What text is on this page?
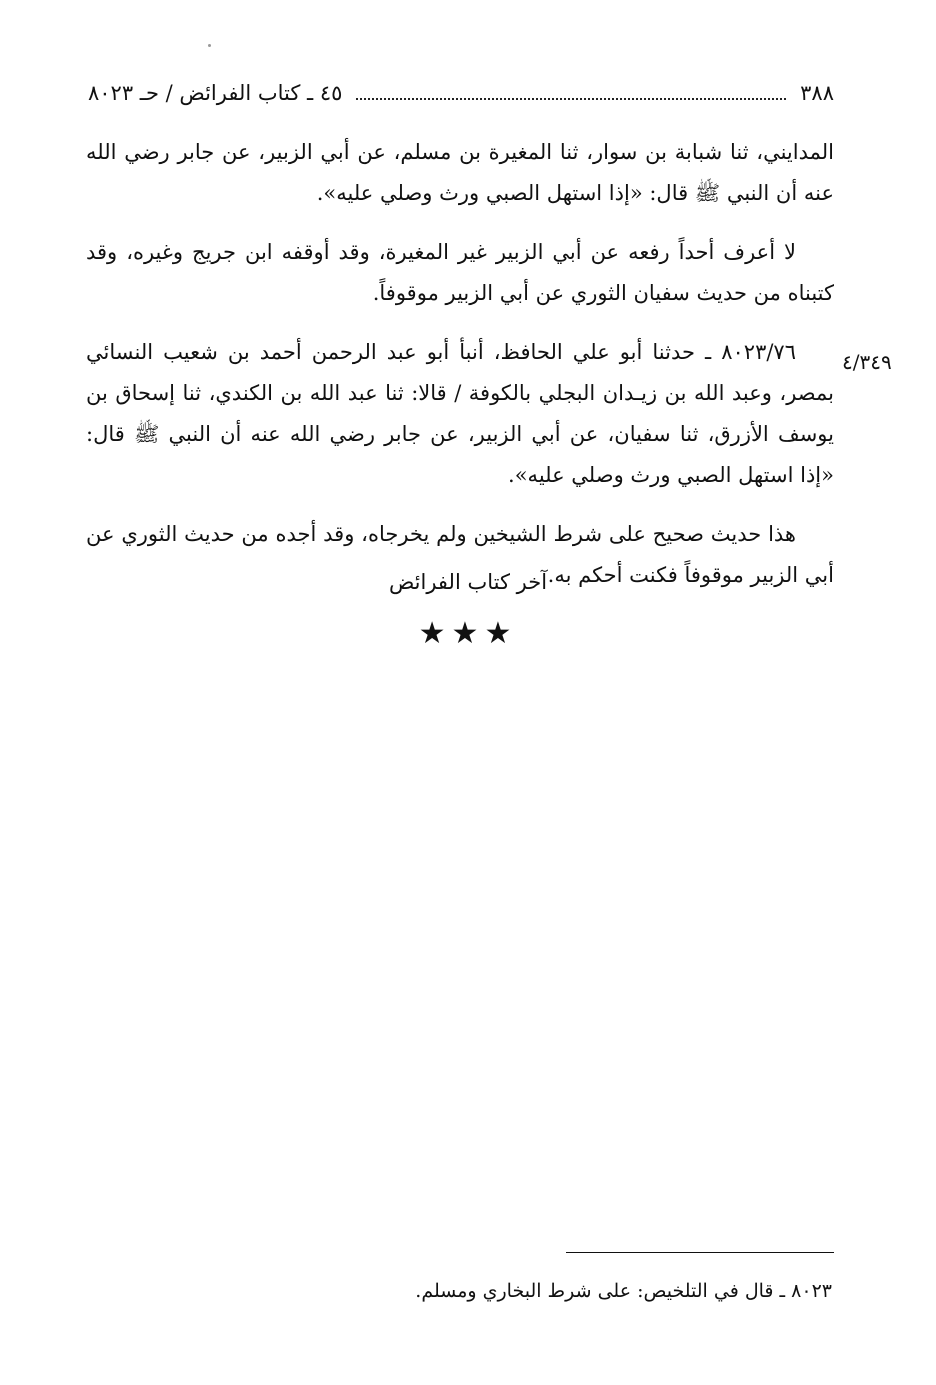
٣٨٨
٤٥ ـ كتاب الفرائض / حـ ٨٠٢٣

المدايني، ثنا شبابة بن سوار، ثنا المغيرة بن مسلم، عن أبي الزبير، عن جابر رضي الله عنه أن النبي ﷺ قال: «إذا استهل الصبي ورث وصلي عليه».

لا أعرف أحداً رفعه عن أبي الزبير غير المغيرة، وقد أوقفه ابن جريج وغيره، وقد كتبناه من حديث سفيان الثوري عن أبي الزبير موقوفاً.

٨٠٢٣/٧٦ ـ حدثنا أبو علي الحافظ، أنبأ أبو عبد الرحمن أحمد بن شعيب النسائي بمصر، وعبد الله بن زيـدان البجلي بالكوفة / قالا: ثنا عبد الله بن الكندي، ثنا إسحاق بن يوسف الأزرق، ثنا سفيان، عن أبي الزبير، عن جابر رضي الله عنه أن النبي ﷺ قال: «إذا استهل الصبي ورث وصلي عليه».

هذا حديث صحيح على شرط الشيخين ولم يخرجاه، وقد أجده من حديث الثوري عن أبي الزبير موقوفاً فكنت أحكم به.

٤/٣٤٩
آخر كتاب الفرائض
★★★
٨٠٢٣ ـ قال في التلخيص: على شرط البخاري ومسلم.
